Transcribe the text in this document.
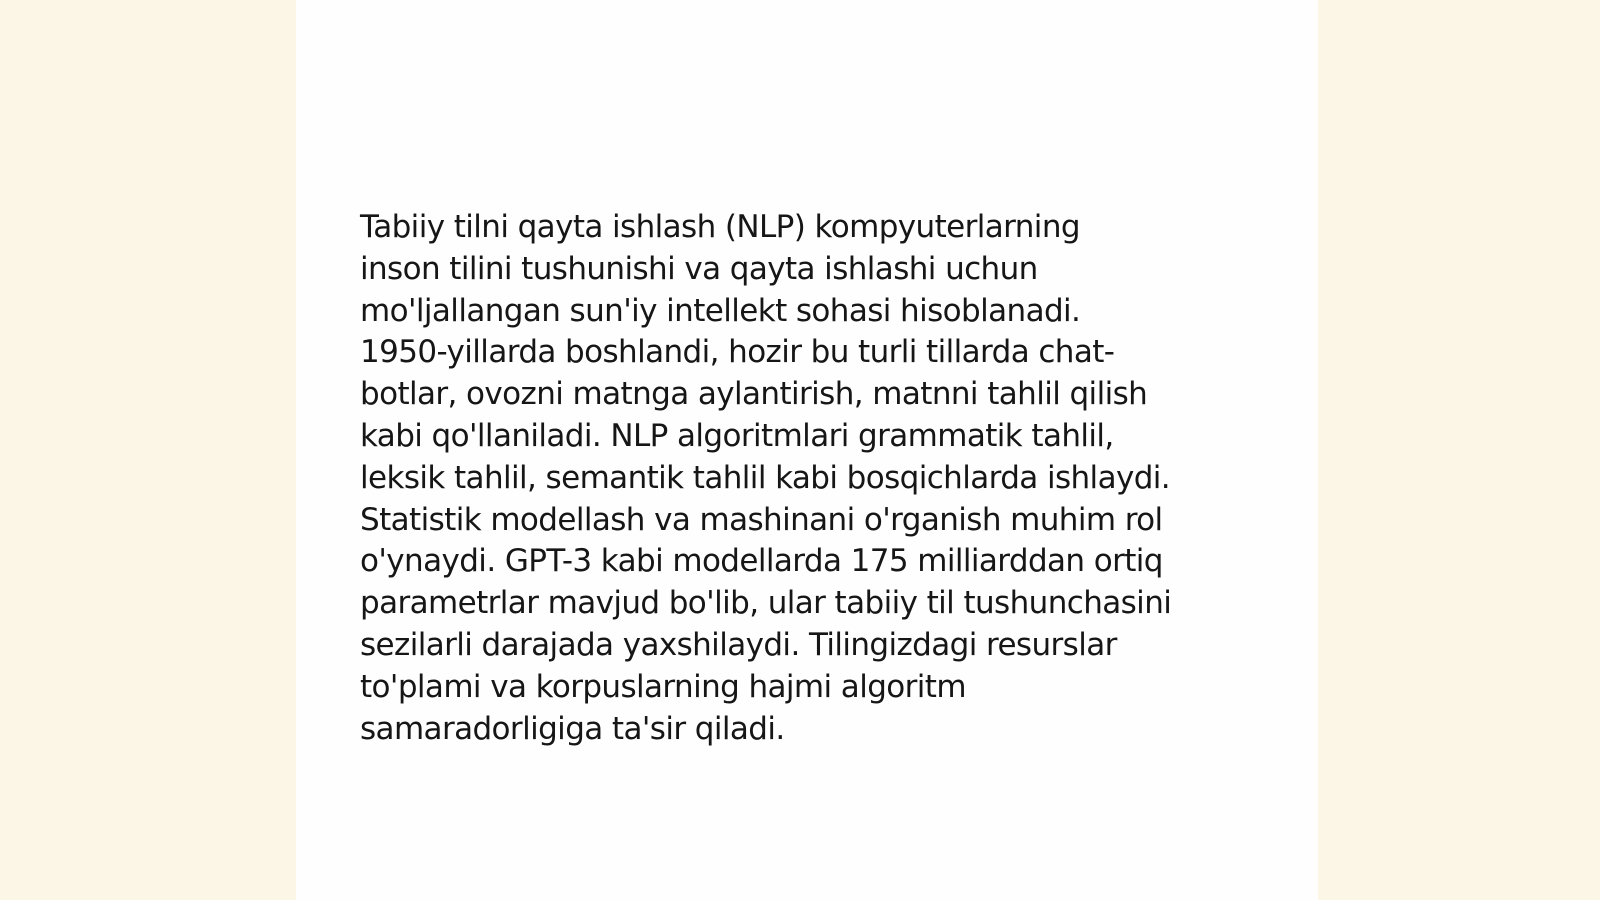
Tabiiy tilni qayta ishlash (NLP) kompyuterlarning
inson tilini tushunishi va qayta ishlashi uchun
mo'ljallangan sun'iy intellekt sohasi hisoblanadi.
1950-yillarda boshlandi, hozir bu turli tillarda chat-
botlar, ovozni matnga aylantirish, matnni tahlil qilish
kabi qo'llaniladi. NLP algoritmlari grammatik tahlil,
leksik tahlil, semantik tahlil kabi bosqichlarda ishlaydi.
Statistik modellash va mashinani o'rganish muhim rol
o'ynaydi. GPT-3 kabi modellarda 175 milliarddan ortiq
parametrlar mavjud bo'lib, ular tabiiy til tushunchasini
sezilarli darajada yaxshilaydi. Tilingizdagi resurslar
to'plami va korpuslarning hajmi algoritm
samaradorligiga ta'sir qiladi.
